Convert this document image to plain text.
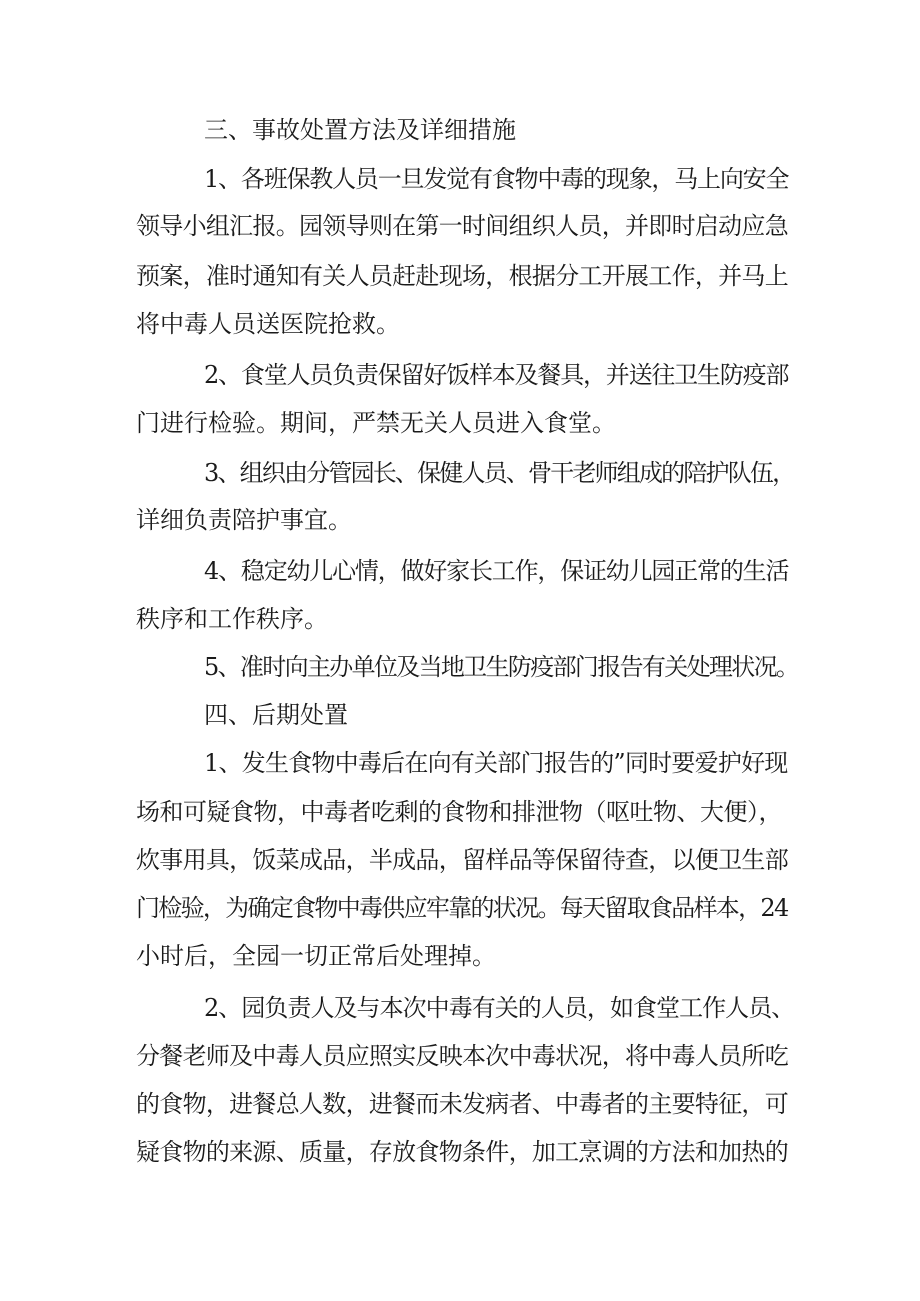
三、事故处置方法及详细措施

1、各班保教人员一旦发觉有食物中毒的现象，马上向安全

领导小组汇报。园领导则在第一时间组织人员，并即时启动应急

预案，准时通知有关人员赶赴现场，根据分工开展工作，并马上

将中毒人员送医院抢救。

2、食堂人员负责保留好饭样本及餐具，并送往卫生防疫部

门进行检验。期间，严禁无关人员进入食堂。

3、组织由分管园长、保健人员、骨干老师组成的陪护队伍，

详细负责陪护事宜。

4、稳定幼儿心情，做好家长工作，保证幼儿园正常的生活

秩序和工作秩序。

5、准时向主办单位及当地卫生防疫部门报告有关处理状况。

四、后期处置

1、发生食物中毒后在向有关部门报告的”同时要爱护好现

场和可疑食物，中毒者吃剩的食物和排泄物（呕吐物、大便），

炊事用具，饭菜成品，半成品，留样品等保留待查，以便卫生部

门检验，为确定食物中毒供应牢靠的状况。每天留取食品样本，24

小时后，全园一切正常后处理掉。

2、园负责人及与本次中毒有关的人员，如食堂工作人员、

分餐老师及中毒人员应照实反映本次中毒状况，将中毒人员所吃

的食物，进餐总人数，进餐而未发病者、中毒者的主要特征，可

疑食物的来源、质量，存放食物条件，加工烹调的方法和加热的
